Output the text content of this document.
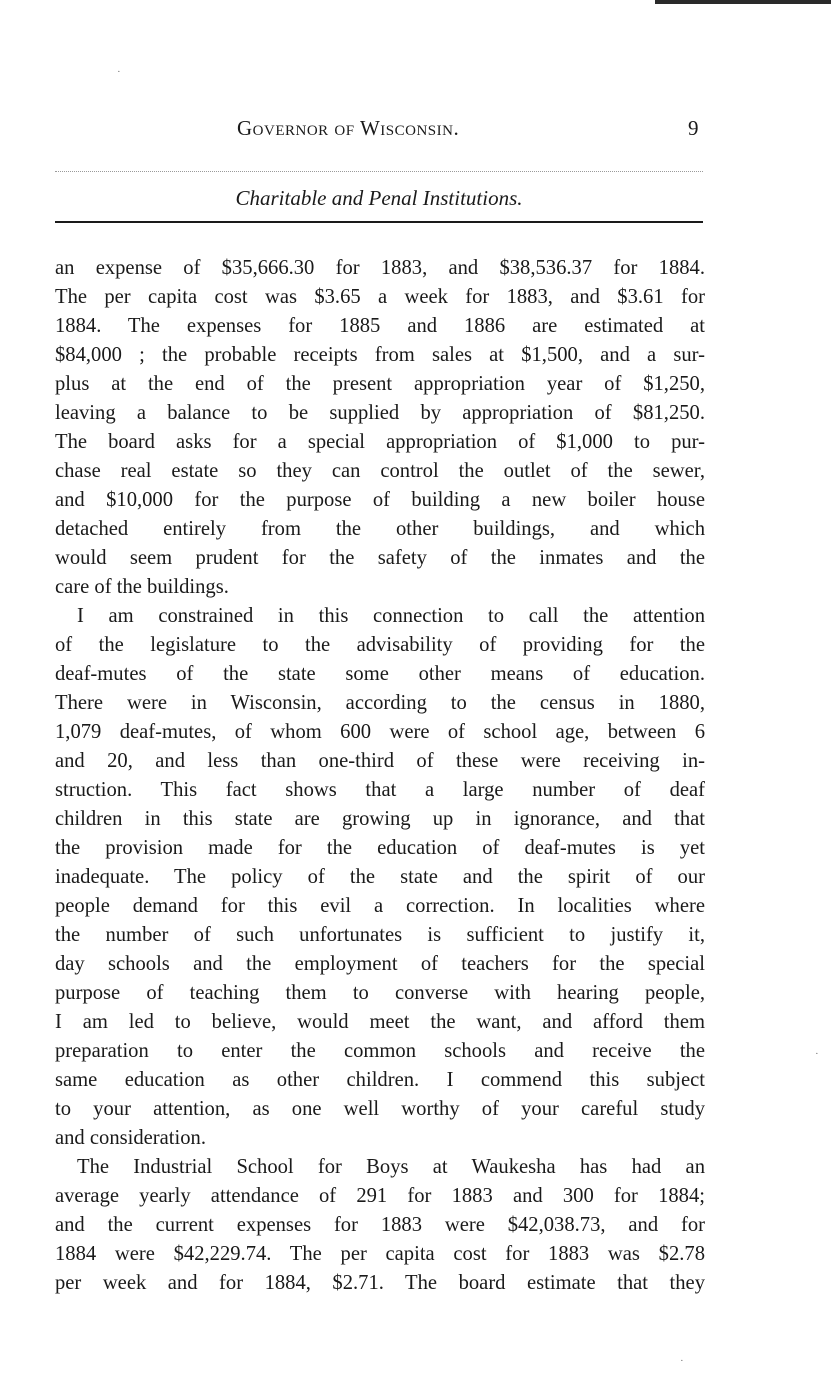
Governor of Wisconsin.	9
Charitable and Penal Institutions.
an expense of $35,666.30 for 1883, and $38,536.37 for 1884.
The per capita cost was $3.65 a week for 1883, and $3.61 for
1884. The expenses for 1885 and 1886 are estimated at
$84,000 ; the probable receipts from sales at $1,500, and a sur-
plus at the end of the present appropriation year of $1,250,
leaving a balance to be supplied by appropriation of $81,250.
The board asks for a special appropriation of $1,000 to pur-
chase real estate so they can control the outlet of the sewer,
and $10,000 for the purpose of building a new boiler house
detached entirely from the other buildings, and which
would seem prudent for the safety of the inmates and the
care of the buildings.
I am constrained in this connection to call the attention
of the legislature to the advisability of providing for the
deaf-mutes of the state some other means of education.
There were in Wisconsin, according to the census in 1880,
1,079 deaf-mutes, of whom 600 were of school age, between 6
and 20, and less than one-third of these were receiving in-
struction. This fact shows that a large number of deaf
children in this state are growing up in ignorance, and that
the provision made for the education of deaf-mutes is yet
inadequate. The policy of the state and the spirit of our
people demand for this evil a correction. In localities where
the number of such unfortunates is sufficient to justify it,
day schools and the employment of teachers for the special
purpose of teaching them to converse with hearing people,
I am led to believe, would meet the want, and afford them
preparation to enter the common schools and receive the
same education as other children. I commend this subject
to your attention, as one well worthy of your careful study
and consideration.
The Industrial School for Boys at Waukesha has had an
average yearly attendance of 291 for 1883 and 300 for 1884;
and the current expenses for 1883 were $42,038.73, and for
1884 were $42,229.74. The per capita cost for 1883 was $2.78
per week and for 1884, $2.71. The board estimate that they
·
·
·
